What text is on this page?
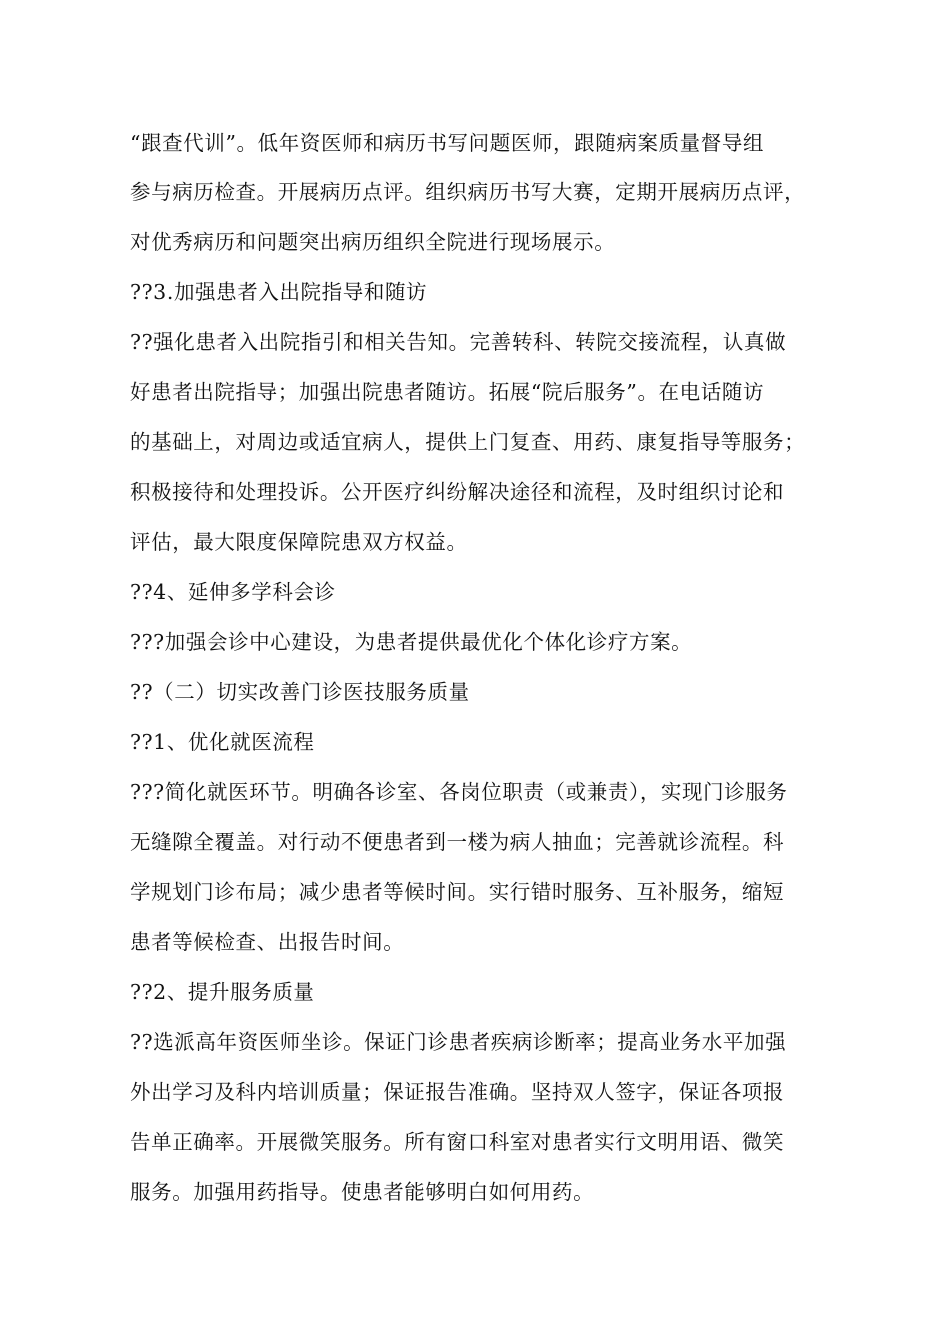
“跟查代训”。低年资医师和病历书写问题医师，跟随病案质量督导组
参与病历检查。开展病历点评。组织病历书写大赛，定期开展病历点评，
对优秀病历和问题突出病历组织全院进行现场展示。
??3.加强患者入出院指导和随访
??强化患者入出院指引和相关告知。完善转科、转院交接流程，认真做
好患者出院指导；加强出院患者随访。拓展“院后服务”。在电话随访
的基础上，对周边或适宜病人，提供上门复查、用药、康复指导等服务；
积极接待和处理投诉。公开医疗纠纷解决途径和流程，及时组织讨论和
评估，最大限度保障院患双方权益。
??4、延伸多学科会诊
???加强会诊中心建设，为患者提供最优化个体化诊疗方案。
??（二）切实改善门诊医技服务质量
??1、优化就医流程
???简化就医环节。明确各诊室、各岗位职责（或兼责），实现门诊服务
无缝隙全覆盖。对行动不便患者到一楼为病人抽血；完善就诊流程。科
学规划门诊布局；减少患者等候时间。实行错时服务、互补服务，缩短
患者等候检查、出报告时间。
??2、提升服务质量
??选派高年资医师坐诊。保证门诊患者疾病诊断率；提高业务水平加强
外出学习及科内培训质量；保证报告准确。坚持双人签字，保证各项报
告单正确率。开展微笑服务。所有窗口科室对患者实行文明用语、微笑
服务。加强用药指导。使患者能够明白如何用药。
